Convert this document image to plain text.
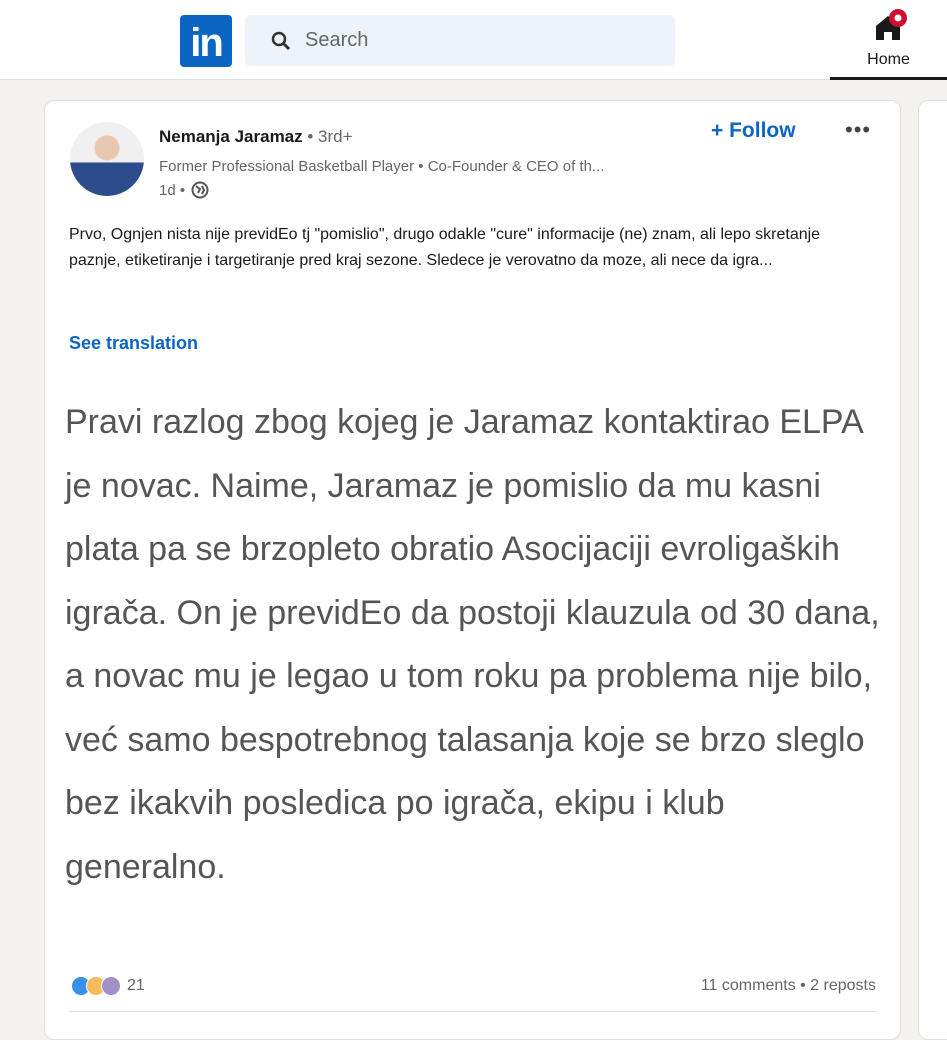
in	Search
Home
Nemanja Jaramaz • 3rd+
Former Professional Basketball Player • Co-Founder & CEO of th...
1d •
+ Follow •••
Prvo, Ognjen nista nije previdEo tj "pomislio", drugo odakle "cure" informacije (ne) znam, ali lepo skretanje paznje, etiketiranje i targetiranje pred kraj sezone. Sledece je verovatno da moze, ali nece da igra...
See translation
Pravi razlog zbog kojeg je Jaramaz kontaktirao ELPA je novac. Naime, Jaramaz je pomislio da mu kasni plata pa se brzopleto obratio Asocijaciji evroligaških igrača. On je previdEo da postoji klauzula od 30 dana, a novac mu je legao u tom roku pa problema nije bilo, već samo bespotrebnog talasanja koje se brzo sleglo bez ikakvih posledica po igrača, ekipu i klub generalno.
21	11 comments • 2 reposts
